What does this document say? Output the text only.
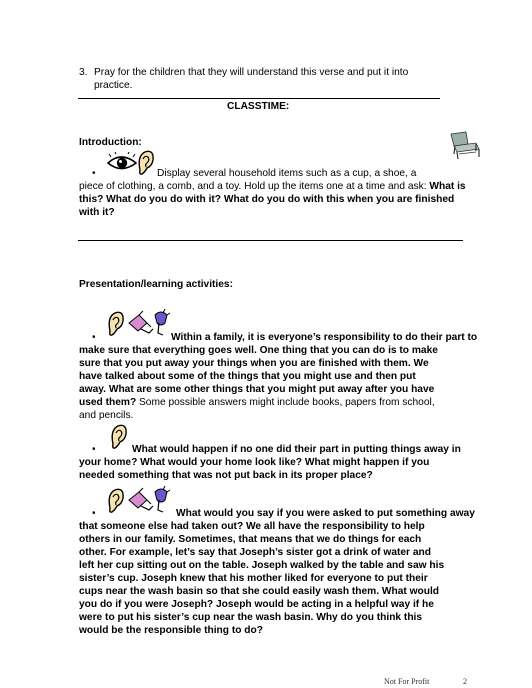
3. Pray for the children that they will understand this verse and put it into
practice.
CLASSTIME:
Introduction:
•	Display several household items such as a cup, a shoe, a
piece of clothing, a comb, and a toy. Hold up the items one at a time and ask: What is
this? What do you do with it? What do you do with this when you are finished
with it?
Presentation/learning activities:
•	Within a family, it is everyone’s responsibility to do their part to
make sure that everything goes well. One thing that you can do is to make
sure that you put away your things when you are finished with them. We
have talked about some of the things that you might use and then put
away. What are some other things that you might put away after you have
used them? Some possible answers might include books, papers from school,
and pencils.
•	What would happen if no one did their part in putting things away in
your home? What would your home look like? What might happen if you
needed something that was not put back in its proper place?
•	What would you say if you were asked to put something away
that someone else had taken out? We all have the responsibility to help
others in our family. Sometimes, that means that we do things for each
other. For example, let’s say that Joseph’s sister got a drink of water and
left her cup sitting out on the table. Joseph walked by the table and saw his
sister’s cup. Joseph knew that his mother liked for everyone to put their
cups near the wash basin so that she could easily wash them. What would
you do if you were Joseph? Joseph would be acting in a helpful way if he
were to put his sister’s cup near the wash basin. Why do you think this
would be the responsible thing to do?
Not For Profit	2
